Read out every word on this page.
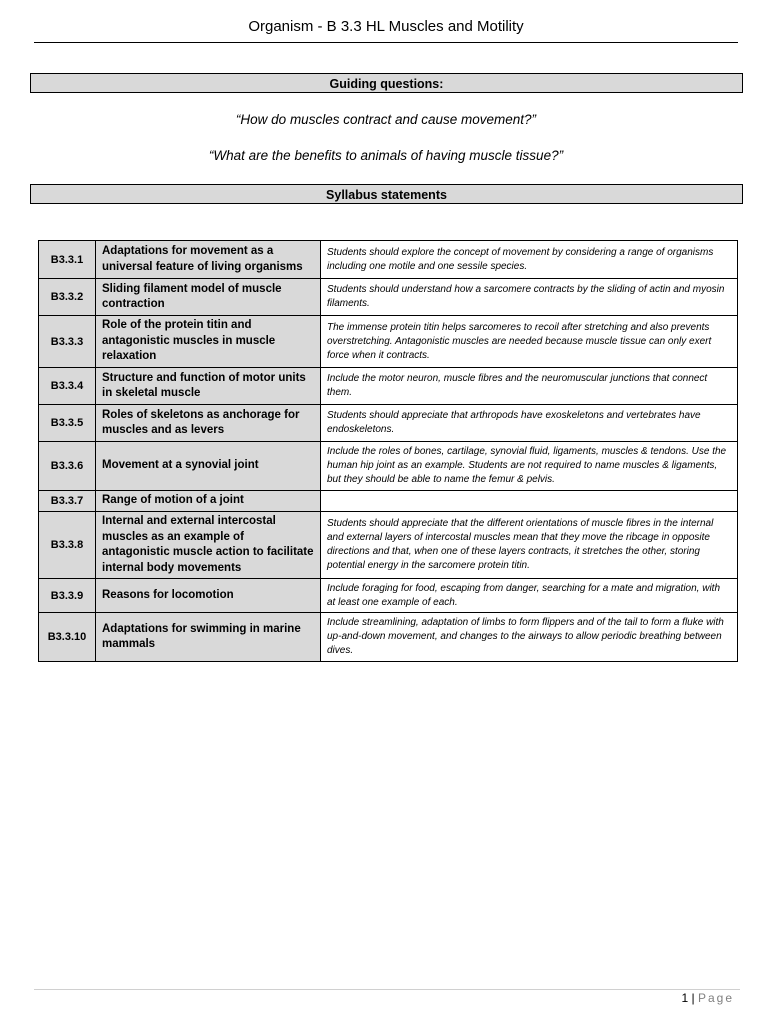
Organism - B 3.3 HL Muscles and Motility
Guiding questions:
“How do muscles contract and cause movement?”
“What are the benefits to animals of having muscle tissue?”
Syllabus statements
B3.3.1	Adaptations for movement as a universal feature of living organisms	Students should explore the concept of movement by considering a range of organisms including one motile and one sessile species.
B3.3.2	Sliding filament model of muscle contraction	Students should understand how a sarcomere contracts by the sliding of actin and myosin filaments.
B3.3.3	Role of the protein titin and antagonistic muscles in muscle relaxation	The immense protein titin helps sarcomeres to recoil after stretching and also prevents overstretching. Antagonistic muscles are needed because muscle tissue can only exert force when it contracts.
B3.3.4	Structure and function of motor units in skeletal muscle	Include the motor neuron, muscle fibres and the neuromuscular junctions that connect them.
B3.3.5	Roles of skeletons as anchorage for muscles and as levers	Students should appreciate that arthropods have exoskeletons and vertebrates have endoskeletons.
B3.3.6	Movement at a synovial joint	Include the roles of bones, cartilage, synovial fluid, ligaments, muscles & tendons. Use the human hip joint as an example. Students are not required to name muscles & ligaments, but they should be able to name the femur & pelvis.
B3.3.7	Range of motion of a joint	
B3.3.8	Internal and external intercostal muscles as an example of antagonistic muscle action to facilitate internal body movements	Students should appreciate that the different orientations of muscle fibres in the internal and external layers of intercostal muscles mean that they move the ribcage in opposite directions and that, when one of these layers contracts, it stretches the other, storing potential energy in the sarcomere protein titin.
B3.3.9	Reasons for locomotion	Include foraging for food, escaping from danger, searching for a mate and migration, with at least one example of each.
B3.3.10	Adaptations for swimming in marine mammals	Include streamlining, adaptation of limbs to form flippers and of the tail to form a fluke with up-and-down movement, and changes to the airways to allow periodic breathing between dives.
1 | Page
